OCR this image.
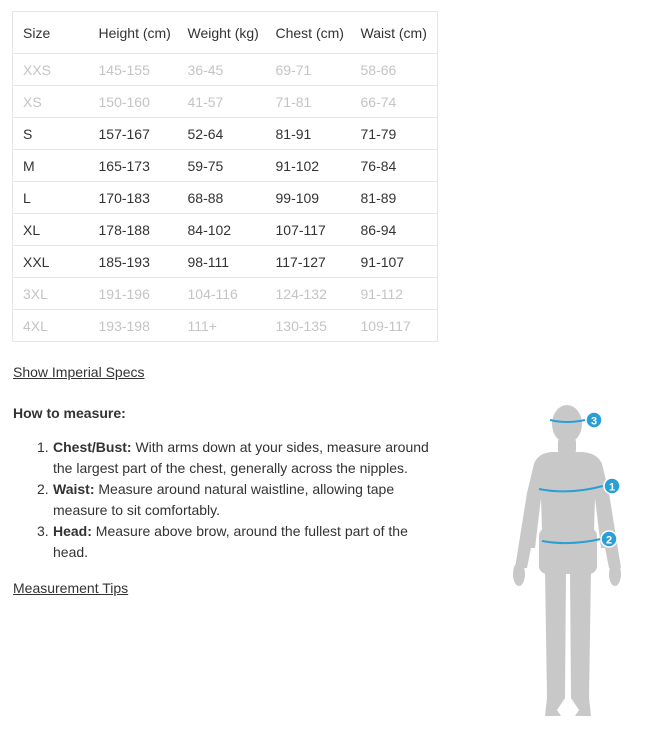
Size	Height (cm)	Weight (kg)	Chest (cm)	Waist (cm)
XXS	145-155	36-45	69-71	58-66
XS	150-160	41-57	71-81	66-74
S	157-167	52-64	81-91	71-79
M	165-173	59-75	91-102	76-84
L	170-183	68-88	99-109	81-89
XL	178-188	84-102	107-117	86-94
XXL	185-193	98-111	117-127	91-107
3XL	191-196	104-116	124-132	91-112
4XL	193-198	111+	130-135	109-117
Show Imperial Specs
How to measure:
1. Chest/Bust: With arms down at your sides, measure around the largest part of the chest, generally across the nipples.
2. Waist: Measure around natural waistline, allowing tape measure to sit comfortably.
3. Head: Measure above brow, around the fullest part of the head.
Measurement Tips
1
2
3
